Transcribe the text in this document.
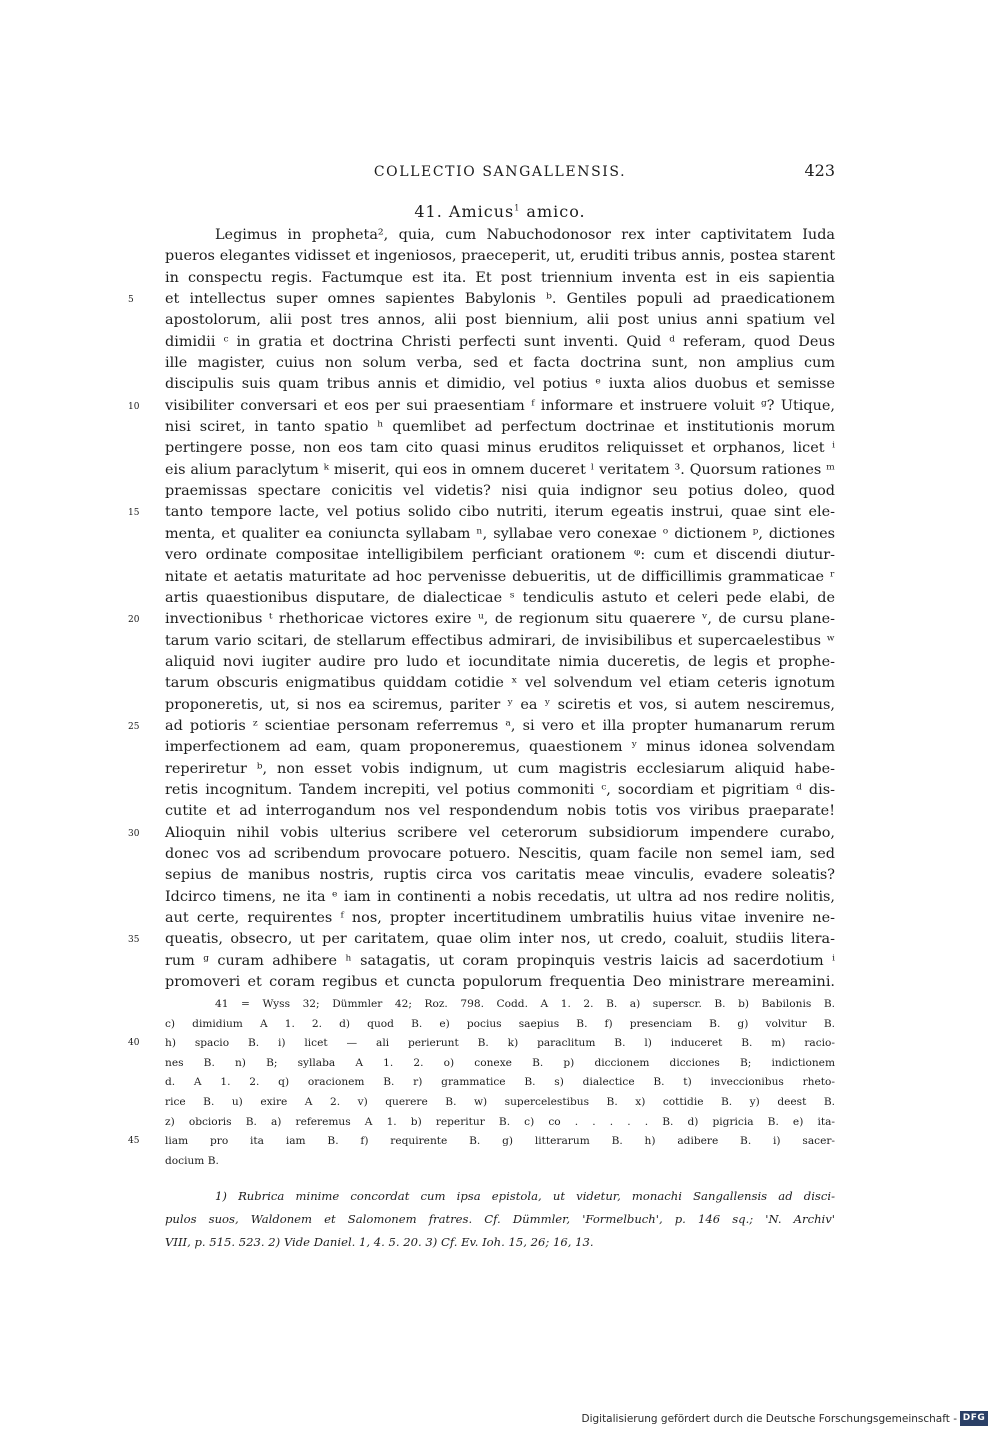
COLLECTIO SANGALLENSIS.	423
41. Amicus$^1$ amico.
Legimus in propheta², quia, cum Nabuchodonosor rex inter captivitatem Iuda
pueros elegantes vidisset et ingeniosos, praeceperit, ut, eruditi tribus annis, postea starent
in conspectu regis. Factumque est ita. Et post triennium inventa est in eis sapientia
5	et intellectus super omnes sapientes Babylonis ᵇ. Gentiles populi ad praedicationem
apostolorum, alii post tres annos, alii post biennium, alii post unius anni spatium vel
dimidii ᶜ in gratia et doctrina Christi perfecti sunt inventi. Quid ᵈ referam, quod Deus
ille magister, cuius non solum verba, sed et facta doctrina sunt, non amplius cum
discipulis suis quam tribus annis et dimidio, vel potius ᵉ iuxta alios duobus et semisse
10	visibiliter conversari et eos per sui praesentiam ᶠ informare et instruere voluit ᵍ? Utique,
nisi sciret, in tanto spatio ʰ quemlibet ad perfectum doctrinae et institutionis morum
pertingere posse, non eos tam cito quasi minus eruditos reliquisset et orphanos, licet ⁱ
eis alium paraclytum ᵏ miserit, qui eos in omnem duceret ˡ veritatem ³. Quorsum rationes ᵐ
praemissas spectare conicitis vel videtis? nisi quia indignor seu potius doleo, quod
15	tanto tempore lacte, vel potius solido cibo nutriti, iterum egeatis instrui, quae sint ele-
menta, et qualiter ea coniuncta syllabam ⁿ, syllabae vero conexae ᵒ dictionem ᵖ, dictiones
vero ordinate compositae intelligibilem perficiant orationem ᵠ: cum et discendi diutur-
nitate et aetatis maturitate ad hoc pervenisse debueritis, ut de difficillimis grammaticae ʳ
artis quaestionibus disputare, de dialecticae ˢ tendiculis astuto et celeri pede elabi, de
20	invectionibus ᵗ rhethoricae victores exire ᵘ, de regionum situ quaerere ᵛ, de cursu plane-
tarum vario scitari, de stellarum effectibus admirari, de invisibilibus et supercaelestibus ʷ
aliquid novi iugiter audire pro ludo et iocunditate nimia duceretis, de legis et prophe-
tarum obscuris enigmatibus quiddam cotidie ˣ vel solvendum vel etiam ceteris ignotum
proponeretis, ut, si nos ea sciremus, pariter ʸ ea ʸ sciretis et vos, si autem nesciremus,
25	ad potioris ᶻ scientiae personam referremus ᵃ, si vero et illa propter humanarum rerum
imperfectionem ad eam, quam proponeremus, quaestionem ʸ minus idonea solvendam
reperiretur ᵇ, non esset vobis indignum, ut cum magistris ecclesiarum aliquid habe-
retis incognitum. Tandem increpiti, vel potius commoniti ᶜ, socordiam et pigritiam ᵈ dis-
cutite et ad interrogandum nos vel respondendum nobis totis vos viribus praeparate!
30	Alioquin nihil vobis ulterius scribere vel ceterorum subsidiorum impendere curabo,
donec vos ad scribendum provocare potuero. Nescitis, quam facile non semel iam, sed
sepius de manibus nostris, ruptis circa vos caritatis meae vinculis, evadere soleatis?
Idcirco timens, ne ita ᵉ iam in continenti a nobis recedatis, ut ultra ad nos redire nolitis,
aut certe, requirentes ᶠ nos, propter incertitudinem umbratilis huius vitae invenire ne-
35	queatis, obsecro, ut per caritatem, quae olim inter nos, ut credo, coaluit, studiis litera-
rum ᵍ curam adhibere ʰ satagatis, ut coram propinquis vestris laicis ad sacerdotium ⁱ
promoveri et coram regibus et cuncta populorum frequentia Deo ministrare mereamini.
41 = Wyss 32; Dümmler 42; Roz. 798. Codd. A 1. 2. B. a) superscr. B. b) Babilonis B.
c) dimidium A 1. 2. d) quod B. e) pocius saepius B. f) presenciam B. g) volvitur B.
40	h) spacio B. i) licet — ali perierunt B. k) paraclitum B. l) induceret B. m) racio-
nes B. n) B; syllaba A 1. 2. o) conexe B. p) diccionem dicciones B; indictionem
d. A 1. 2. q) oracionem B. r) grammatice B. s) dialectice B. t) inveccionibus rheto-
rice B. u) exire A 2. v) querere B. w) supercelestibus B. x) cottidie B. y) deest B.
z) obcioris B. a) referemus A 1. b) reperitur B. c) co . . . . . B. d) pigricia B. e) ita-
45	liam pro ita iam B. f) requirente B. g) litterarum B. h) adibere B. i) sacer-
docium B.
1) Rubrica minime concordat cum ipsa epistola, ut videtur, monachi Sangallensis ad disci-
pulos suos, Waldonem et Salomonem fratres. Cf. Dümmler, 'Formelbuch', p. 146 sq.; 'N. Archiv'
VIII, p. 515. 523. 2) Vide Daniel. 1, 4. 5. 20. 3) Cf. Ev. Ioh. 15, 26; 16, 13.
Digitalisierung gefördert durch die Deutsche Forschungsgemeinschaft - DFG
